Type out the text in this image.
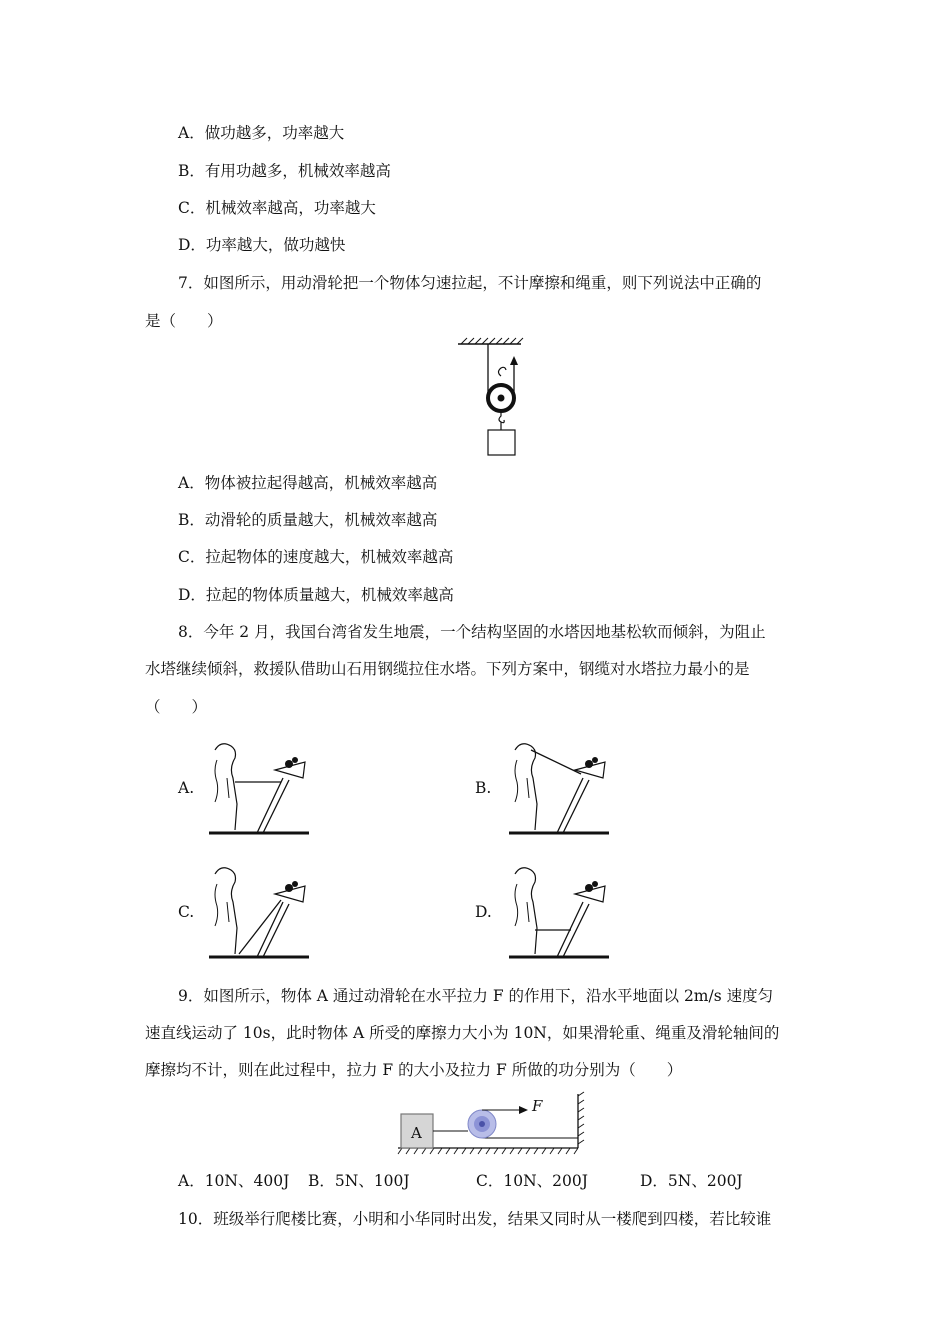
A．做功越多，功率越大
B．有用功越多，机械效率越高
C．机械效率越高，功率越大
D．功率越大，做功越快
7．如图所示，用动滑轮把一个物体匀速拉起，不计摩擦和绳重，则下列说法中正确的
是（　　）
A．物体被拉起得越高，机械效率越高
B．动滑轮的质量越大，机械效率越高
C．拉起物体的速度越大，机械效率越高
D．拉起的物体质量越大，机械效率越高
8．今年 2 月，我国台湾省发生地震，一个结构坚固的水塔因地基松软而倾斜，为阻止
水塔继续倾斜，救援队借助山石用钢缆拉住水塔。下列方案中，钢缆对水塔拉力最小的是
（　　）
A.	B.
C.	D.
9．如图所示，物体 A 通过动滑轮在水平拉力 F 的作用下，沿水平地面以 2m/s 速度匀
速直线运动了 10s，此时物体 A 所受的摩擦力大小为 10N，如果滑轮重、绳重及滑轮轴间的
摩擦均不计，则在此过程中，拉力 F 的大小及拉力 F 所做的功分别为（　　）
A
F
A．10N、400J B．5N、100J	C．10N、200J	D．5N、200J
10．班级举行爬楼比赛，小明和小华同时出发，结果又同时从一楼爬到四楼，若比较谁
